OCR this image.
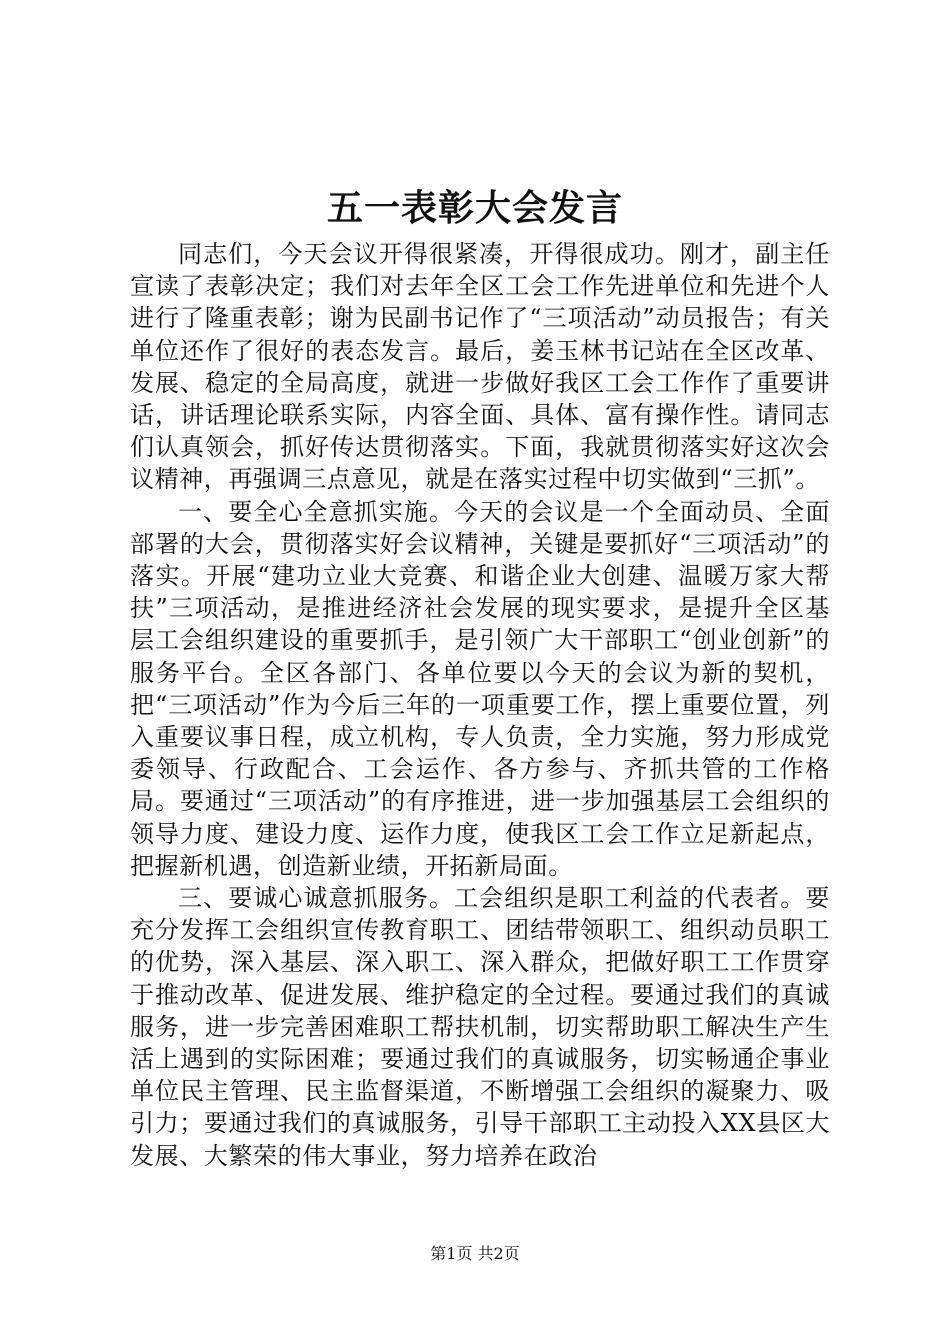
五一表彰大会发言

同志们，今天会议开得很紧凑，开得很成功。刚才，副主任宣读了表彰决定；我们对去年全区工会工作先进单位和先进个人进行了隆重表彰；谢为民副书记作了“三项活动”动员报告；有关单位还作了很好的表态发言。最后，姜玉林书记站在全区改革、发展、稳定的全局高度，就进一步做好我区工会工作作了重要讲话，讲话理论联系实际，内容全面、具体、富有操作性。请同志们认真领会，抓好传达贯彻落实。下面，我就贯彻落实好这次会议精神，再强调三点意见，就是在落实过程中切实做到“三抓”。

一、要全心全意抓实施。今天的会议是一个全面动员、全面部署的大会，贯彻落实好会议精神，关键是要抓好“三项活动”的落实。开展“建功立业大竞赛、和谐企业大创建、温暖万家大帮扶”三项活动，是推进经济社会发展的现实要求，是提升全区基层工会组织建设的重要抓手，是引领广大干部职工“创业创新”的服务平台。全区各部门、各单位要以今天的会议为新的契机，把“三项活动”作为今后三年的一项重要工作，摆上重要位置，列入重要议事日程，成立机构，专人负责，全力实施，努力形成党委领导、行政配合、工会运作、各方参与、齐抓共管的工作格局。要通过“三项活动”的有序推进，进一步加强基层工会组织的领导力度、建设力度、运作力度，使我区工会工作立足新起点，把握新机遇，创造新业绩，开拓新局面。

三、要诚心诚意抓服务。工会组织是职工利益的代表者。要充分发挥工会组织宣传教育职工、团结带领职工、组织动员职工的优势，深入基层、深入职工、深入群众，把做好职工工作贯穿于推动改革、促进发展、维护稳定的全过程。要通过我们的真诚服务，进一步完善困难职工帮扶机制，切实帮助职工解决生产生活上遇到的实际困难；要通过我们的真诚服务，切实畅通企事业单位民主管理、民主监督渠道，不断增强工会组织的凝聚力、吸引力；要通过我们的真诚服务，引导干部职工主动投入XX县区大发展、大繁荣的伟大事业，努力培养在政治

第1页 共2页
